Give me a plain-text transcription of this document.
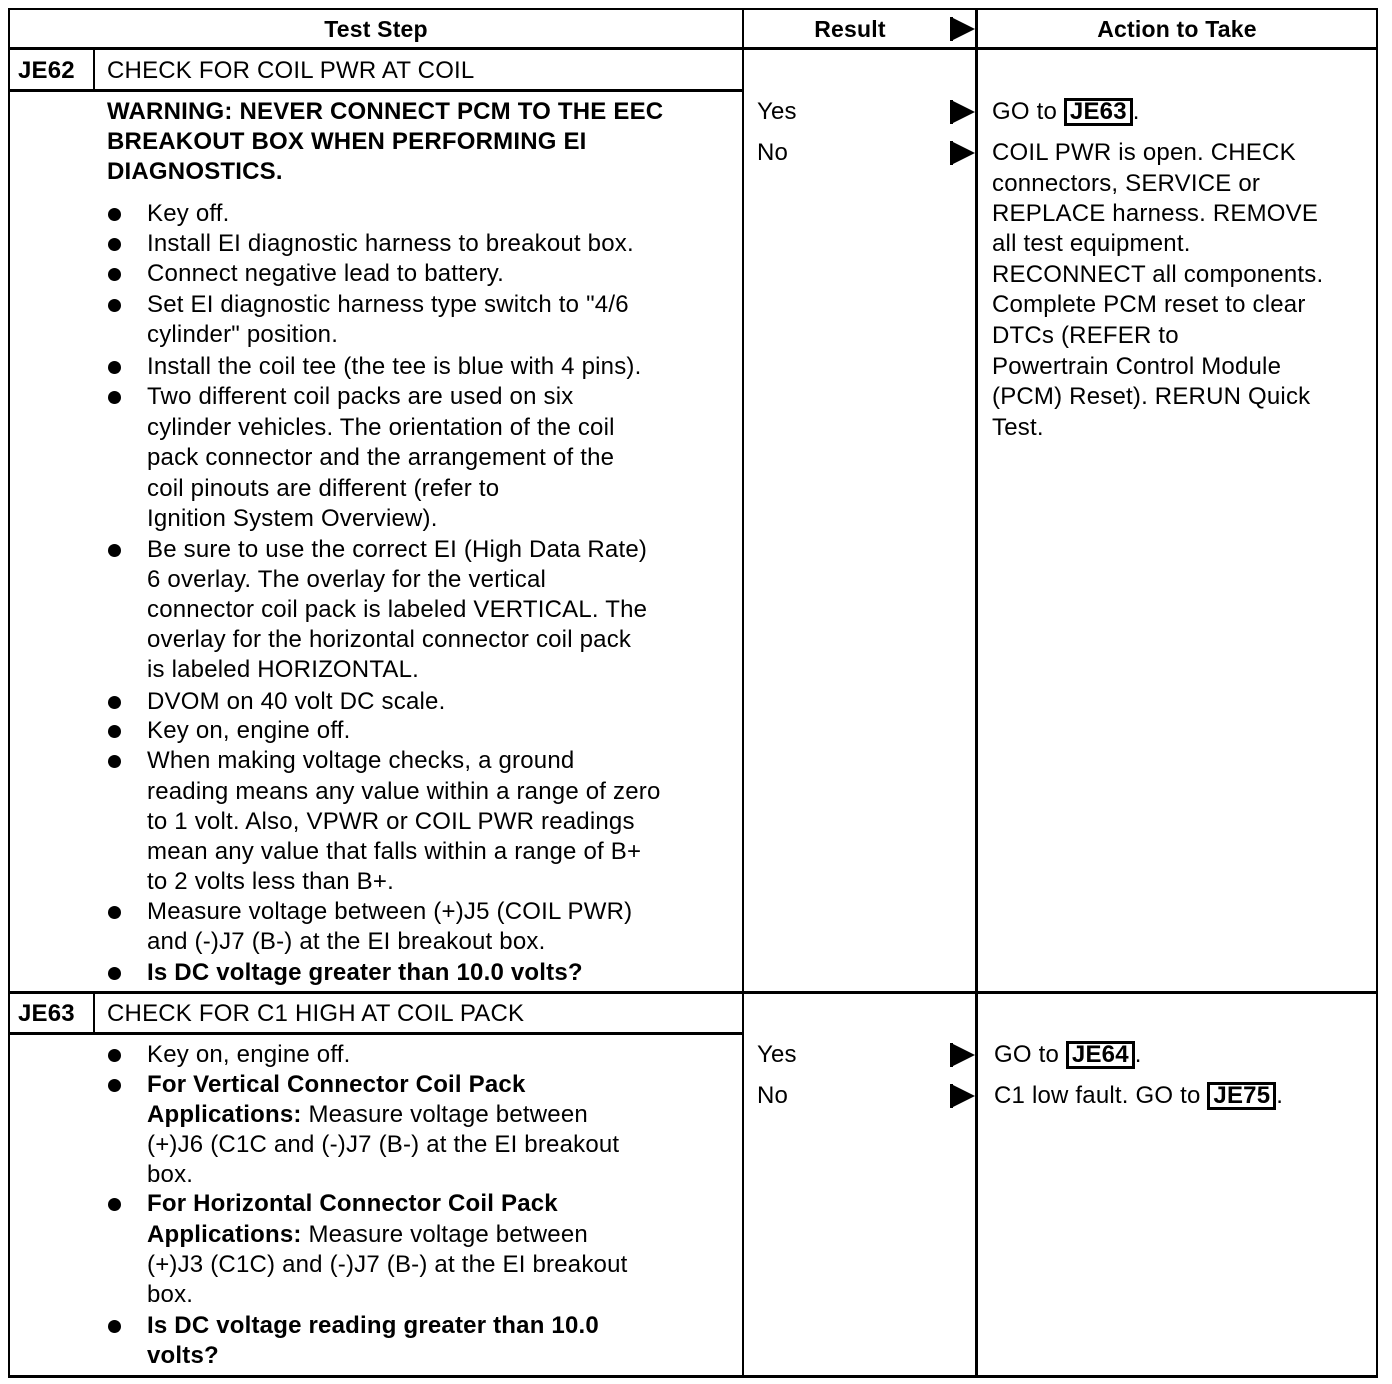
Test Step	Result	Action to Take
JE62 CHECK FOR COIL PWR AT COIL
WARNING: NEVER CONNECT PCM TO THE EEC
BREAKOUT BOX WHEN PERFORMING EI
DIAGNOSTICS.
Key off.
Install EI diagnostic harness to breakout box.
Connect negative lead to battery.
Set EI diagnostic harness type switch to "4/6
cylinder" position.
Install the coil tee (the tee is blue with 4 pins).
Two different coil packs are used on six
cylinder vehicles. The orientation of the coil
pack connector and the arrangement of the
coil pinouts are different (refer to
Ignition System Overview).
Be sure to use the correct EI (High Data Rate)
6 overlay. The overlay for the vertical
connector coil pack is labeled VERTICAL. The
overlay for the horizontal connector coil pack
is labeled HORIZONTAL.
DVOM on 40 volt DC scale.
Key on, engine off.
When making voltage checks, a ground
reading means any value within a range of zero
to 1 volt. Also, VPWR or COIL PWR readings
mean any value that falls within a range of B+
to 2 volts less than B+.
Measure voltage between (+)J5 (COIL PWR)
and (-)J7 (B-) at the EI breakout box.
Is DC voltage greater than 10.0 volts?
Yes
No
GO to JE63 .
COIL PWR is open. CHECK
connectors, SERVICE or
REPLACE harness. REMOVE
all test equipment.
RECONNECT all components.
Complete PCM reset to clear
DTCs (REFER to
Powertrain Control Module
(PCM) Reset). RERUN Quick
Test.
JE63 CHECK FOR C1 HIGH AT COIL PACK
Key on, engine off.
For Vertical Connector Coil Pack
Applications: Measure voltage between
(+)J6 (C1C and (-)J7 (B-) at the EI breakout
box.
For Horizontal Connector Coil Pack
Applications: Measure voltage between
(+)J3 (C1C) and (-)J7 (B-) at the EI breakout
box.
Is DC voltage reading greater than 10.0
volts?
Yes
No
GO to JE64 .
C1 low fault. GO to JE75 .
